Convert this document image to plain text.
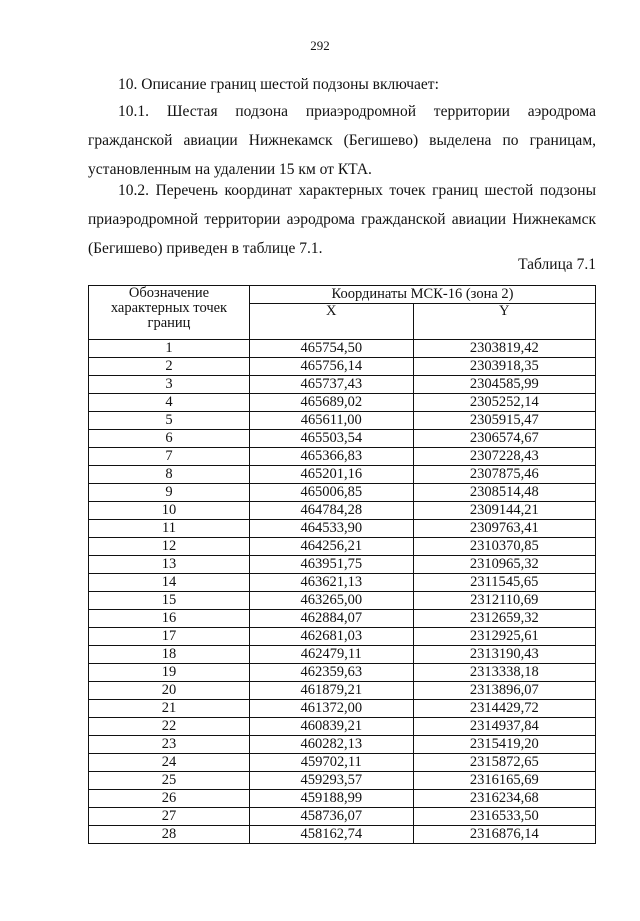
292
10. Описание границ шестой подзоны включает:
10.1. Шестая подзона приаэродромной территории аэродрома гражданской авиации Нижнекамск (Бегишево) выделена по границам, установленным на удалении 15 км от КТА.
10.2. Перечень координат характерных точек границ шестой подзоны приаэродромной территории аэродрома гражданской авиации Нижнекамск (Бегишево) приведен в таблице 7.1.
Таблица 7.1
Обозначение характерных точек границ	Координаты МСК-16 (зона 2)	
	X	Y
1	465754,50	2303819,42
2	465756,14	2303918,35
3	465737,43	2304585,99
4	465689,02	2305252,14
5	465611,00	2305915,47
6	465503,54	2306574,67
7	465366,83	2307228,43
8	465201,16	2307875,46
9	465006,85	2308514,48
10	464784,28	2309144,21
11	464533,90	2309763,41
12	464256,21	2310370,85
13	463951,75	2310965,32
14	463621,13	2311545,65
15	463265,00	2312110,69
16	462884,07	2312659,32
17	462681,03	2312925,61
18	462479,11	2313190,43
19	462359,63	2313338,18
20	461879,21	2313896,07
21	461372,00	2314429,72
22	460839,21	2314937,84
23	460282,13	2315419,20
24	459702,11	2315872,65
25	459293,57	2316165,69
26	459188,99	2316234,68
27	458736,07	2316533,50
28	458162,74	2316876,14
